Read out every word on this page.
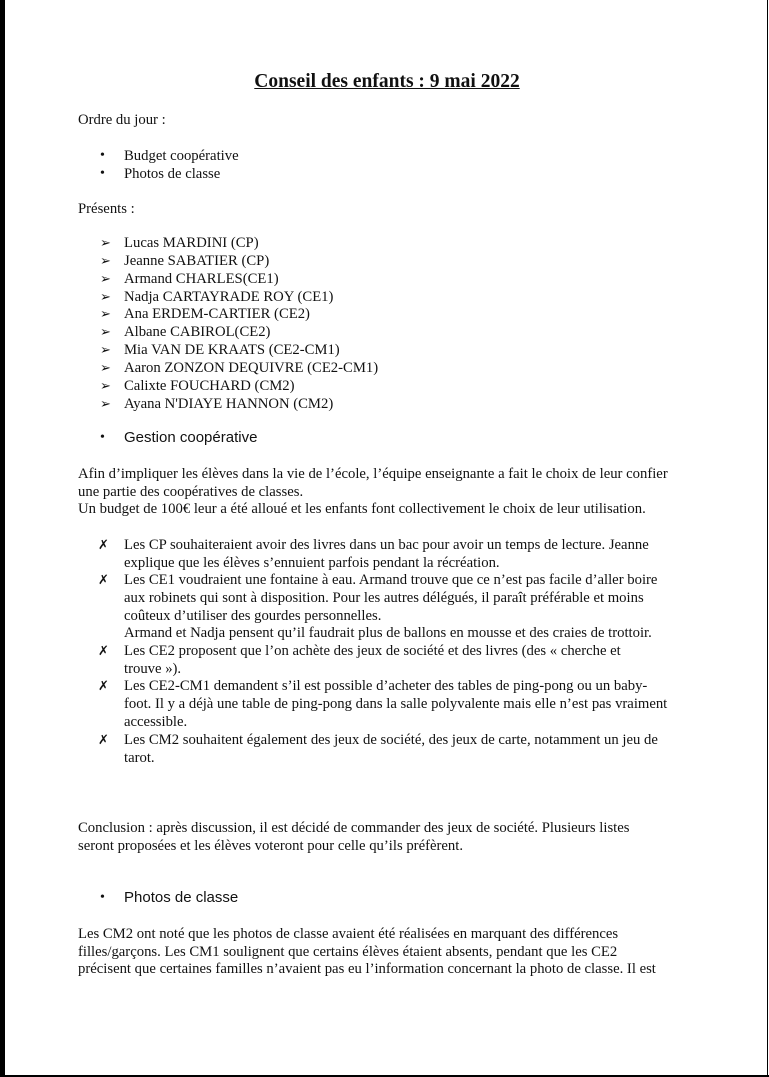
Conseil des enfants : 9 mai 2022
Ordre du jour :
• Budget coopérative
• Photos de classe
Présents :
➢ Lucas MARDINI (CP)
➢ Jeanne SABATIER (CP)
➢ Armand CHARLES(CE1)
➢ Nadja CARTAYRADE ROY (CE1)
➢ Ana ERDEM-CARTIER (CE2)
➢ Albane CABIROL(CE2)
➢ Mia VAN DE KRAATS (CE2-CM1)
➢ Aaron ZONZON DEQUIVRE (CE2-CM1)
➢ Calixte FOUCHARD (CM2)
➢ Ayana N'DIAYE HANNON (CM2)
• Gestion coopérative
Afin d’impliquer les élèves dans la vie de l’école, l’équipe enseignante a fait le choix de leur confier
une partie des coopératives de classes.
Un budget de 100€ leur a été alloué et les enfants font collectivement le choix de leur utilisation.
✗ Les CP souhaiteraient avoir des livres dans un bac pour avoir un temps de lecture. Jeanne
explique que les élèves s’ennuient parfois pendant la récréation.
✗ Les CE1 voudraient une fontaine à eau. Armand trouve que ce n’est pas facile d’aller boire
aux robinets qui sont à disposition. Pour les autres délégués, il paraît préférable et moins
coûteux d’utiliser des gourdes personnelles.
Armand et Nadja pensent qu’il faudrait plus de ballons en mousse et des craies de trottoir.
✗ Les CE2 proposent que l’on achète des jeux de société et des livres (des « cherche et
trouve »).
✗ Les CE2-CM1 demandent s’il est possible d’acheter des tables de ping-pong ou un baby-
foot. Il y a déjà une table de ping-pong dans la salle polyvalente mais elle n’est pas vraiment
accessible.
✗ Les CM2 souhaitent également des jeux de société, des jeux de carte, notamment un jeu de
tarot.
Conclusion : après discussion, il est décidé de commander des jeux de société. Plusieurs listes
seront proposées et les élèves voteront pour celle qu’ils préfèrent.
• Photos de classe
Les CM2 ont noté que les photos de classe avaient été réalisées en marquant des différences
filles/garçons. Les CM1 soulignent que certains élèves étaient absents, pendant que les CE2
précisent que certaines familles n’avaient pas eu l’information concernant la photo de classe. Il est
